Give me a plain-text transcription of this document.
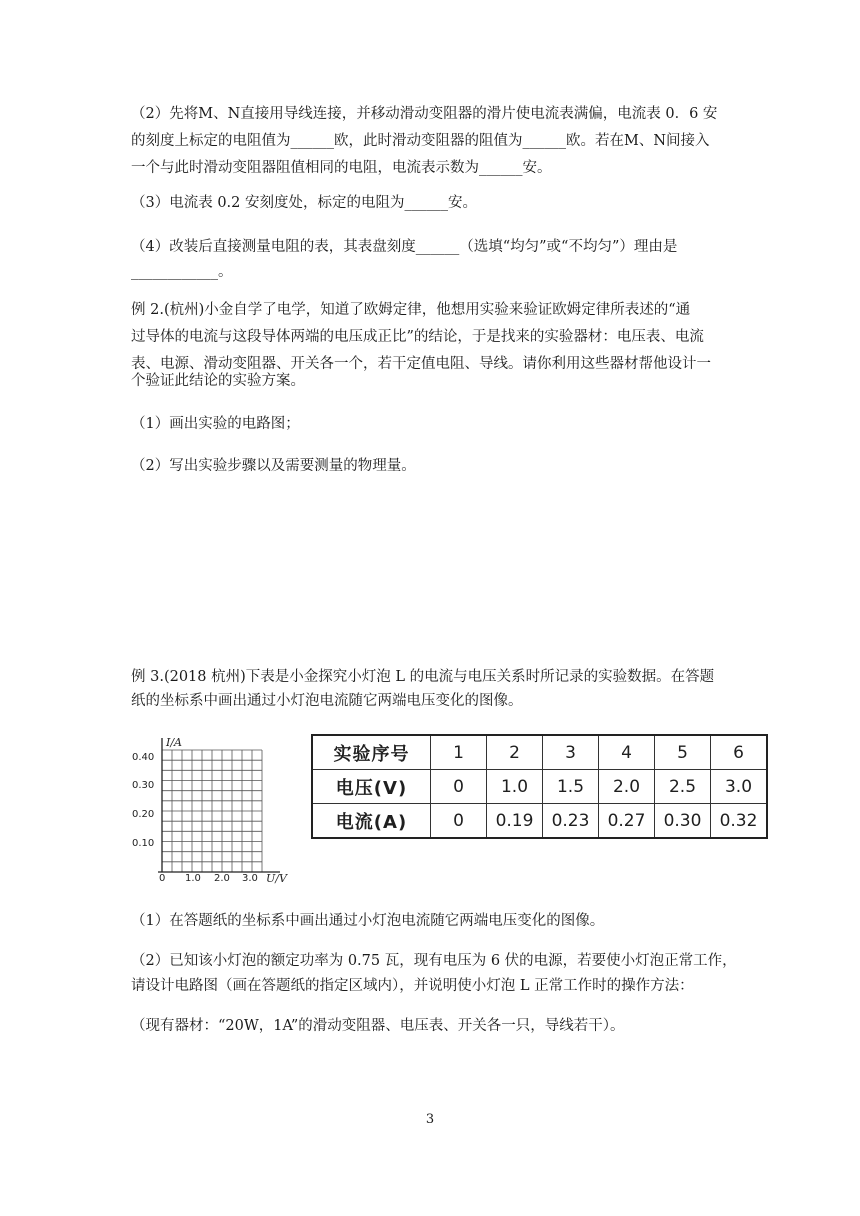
（2）先将M、N直接用导线连接，并移动滑动变阻器的滑片使电流表满偏，电流表 0．6 安
的刻度上标定的电阻值为______欧，此时滑动变阻器的阻值为______欧。若在M、N间接入
一个与此时滑动变阻器阻值相同的电阻，电流表示数为______安。
（3）电流表 0.2 安刻度处，标定的电阻为______安。
（4）改装后直接测量电阻的表，其表盘刻度______（选填“均匀”或“不均匀”）理由是
____________。
例 2.(杭州)小金自学了电学，知道了欧姆定律，他想用实验来验证欧姆定律所表述的“通
过导体的电流与这段导体两端的电压成正比”的结论，于是找来的实验器材：电压表、电流
表、电源、滑动变阻器、开关各一个，若干定值电阻、导线。请你利用这些器材帮他设计一
个验证此结论的实验方案。
（1）画出实验的电路图；
（2）写出实验步骤以及需要测量的物理量。
例 3.(2018 杭州)下表是小金探究小灯泡 L 的电流与电压关系时所记录的实验数据。在答题
纸的坐标系中画出通过小灯泡电流随它两端电压变化的图像。
（1）在答题纸的坐标系中画出通过小灯泡电流随它两端电压变化的图像。
（2）已知该小灯泡的额定功率为 0.75 瓦，现有电压为 6 伏的电源，若要使小灯泡正常工作，
请设计电路图（画在答题纸的指定区域内），并说明使小灯泡 L 正常工作时的操作方法：
（现有器材：“20W，1A”的滑动变阻器、电压表、开关各一只，导线若干）。
I/A
U/V
0.40
0.30
0.20
0.10
0 1.0 2.0 3.0
实验序号	1	2	3	4	5	6
电压(V)	0	1.0	1.5	2.0	2.5	3.0
电流(A)	0	0.19	0.23	0.27	0.30	0.32
3
